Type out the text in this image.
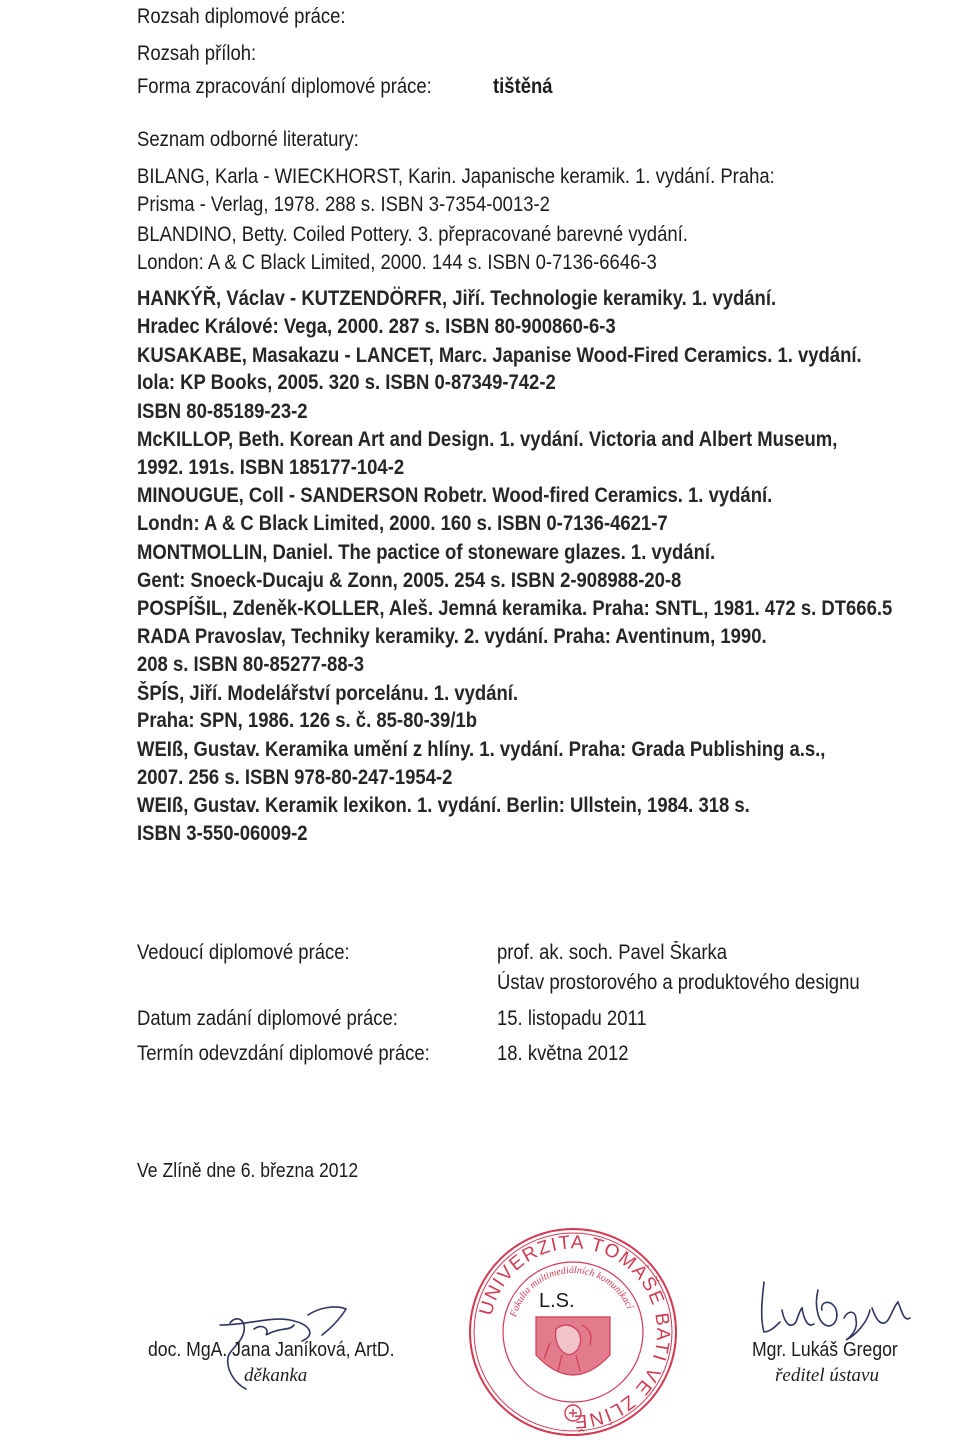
Rozsah diplomové práce:
Rozsah příloh:
Forma zpracování diplomové práce:	tištěná
Seznam odborné literatury:
BILANG, Karla - WIECKHORST, Karin. Japanische keramik. 1. vydání. Praha:
Prisma - Verlag, 1978. 288 s. ISBN 3-7354-0013-2
BLANDINO, Betty. Coiled Pottery. 3. přepracované barevné vydání.
London: A & C Black Limited, 2000. 144 s. ISBN 0-7136-6646-3
HANKÝŘ, Václav - KUTZENDÖRFR, Jiří. Technologie keramiky. 1. vydání.
Hradec Králové: Vega, 2000. 287 s. ISBN 80-900860-6-3
KUSAKABE, Masakazu - LANCET, Marc. Japanise Wood-Fired Ceramics. 1. vydání.
Iola: KP Books, 2005. 320 s. ISBN 0-87349-742-2
ISBN 80-85189-23-2
McKILLOP, Beth. Korean Art and Design. 1. vydání. Victoria and Albert Museum,
1992. 191s. ISBN 185177-104-2
MINOUGUE, Coll - SANDERSON Robetr. Wood-fired Ceramics. 1. vydání.
Londn: A & C Black Limited, 2000. 160 s. ISBN 0-7136-4621-7
MONTMOLLIN, Daniel. The pactice of stoneware glazes. 1. vydání.
Gent: Snoeck-Ducaju & Zonn, 2005. 254 s. ISBN 2-908988-20-8
POSPÍŠIL, Zdeněk-KOLLER, Aleš. Jemná keramika. Praha: SNTL, 1981. 472 s. DT666.5
RADA Pravoslav, Techniky keramiky. 2. vydání. Praha: Aventinum, 1990.
208 s. ISBN 80-85277-88-3
ŠPÍS, Jiří. Modelářství porcelánu. 1. vydání.
Praha: SPN, 1986. 126 s. č. 85-80-39/1b
WEIß, Gustav. Keramika umění z hlíny. 1. vydání. Praha: Grada Publishing a.s.,
2007. 256 s. ISBN 978-80-247-1954-2
WEIß, Gustav. Keramik lexikon. 1. vydání. Berlin: Ullstein, 1984. 318 s.
ISBN 3-550-06009-2
Vedoucí diplomové práce:	prof. ak. soch. Pavel Škarka
Ústav prostorového a produktového designu
Datum zadání diplomové práce:	15. listopadu 2011
Termín odevzdání diplomové práce:	18. května 2012
Ve Zlíně dne 6. března 2012
UNIVERZITA TOMÁŠE BATI VE ZLÍNĚ
Fakulta multimediálních komunikací
L.S.
doc. MgA. Jana Janíková, ArtD.
děkanka
Mgr. Lukáš Gregor
ředitel ústavu
